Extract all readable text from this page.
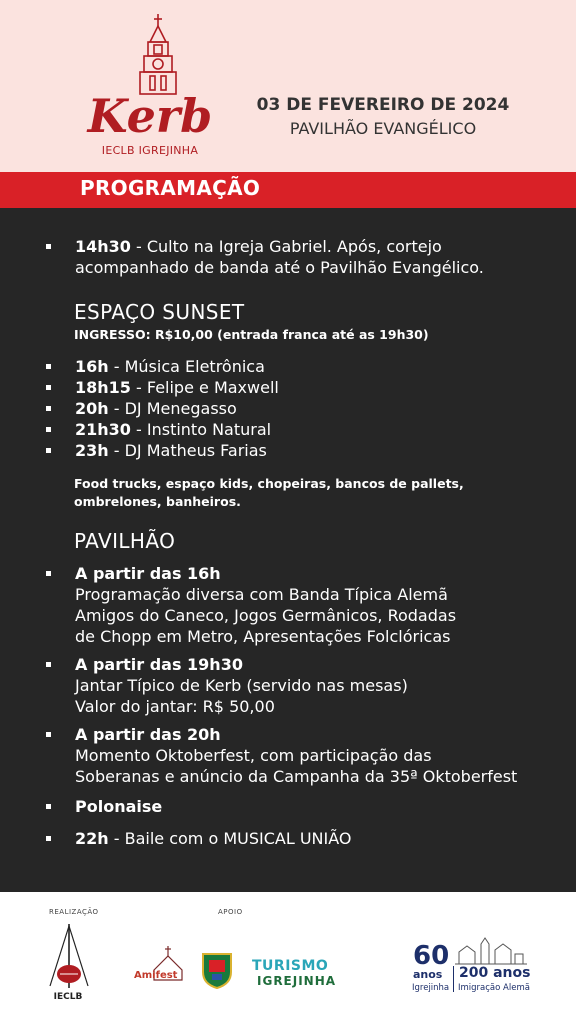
Kerb
IECLB IGREJINHA
03 DE FEVEREIRO DE 2024
PAVILHÃO EVANGÉLICO
PROGRAMAÇÃO
14h30 - Culto na Igreja Gabriel. Após, cortejo
acompanhado de banda até o Pavilhão Evangélico.
ESPAÇO SUNSET
INGRESSO: R$10,00 (entrada franca até as 19h30)
16h - Música Eletrônica
18h15 - Felipe e Maxwell
20h - DJ Menegasso
21h30 - Instinto Natural
23h - DJ Matheus Farias
Food trucks, espaço kids, chopeiras, bancos de pallets,
ombrelones, banheiros.
PAVILHÃO
A partir das 16h
Programação diversa com Banda Típica Alemã
Amigos do Caneco, Jogos Germânicos, Rodadas
de Chopp em Metro, Apresentações Folclóricas
A partir das 19h30
Jantar Típico de Kerb (servido nas mesas)
Valor do jantar: R$ 50,00
A partir das 20h
Momento Oktoberfest, com participação das
Soberanas e anúncio da Campanha da 35ª Oktoberfest
Polonaise
22h - Baile com o MUSICAL UNIÃO
REALIZAÇÃO	APOIO
IECLB
Amifest
TURISMO
IGREJINHA
60
anos
Igrejinha
200 anos
Imigração Alemã
